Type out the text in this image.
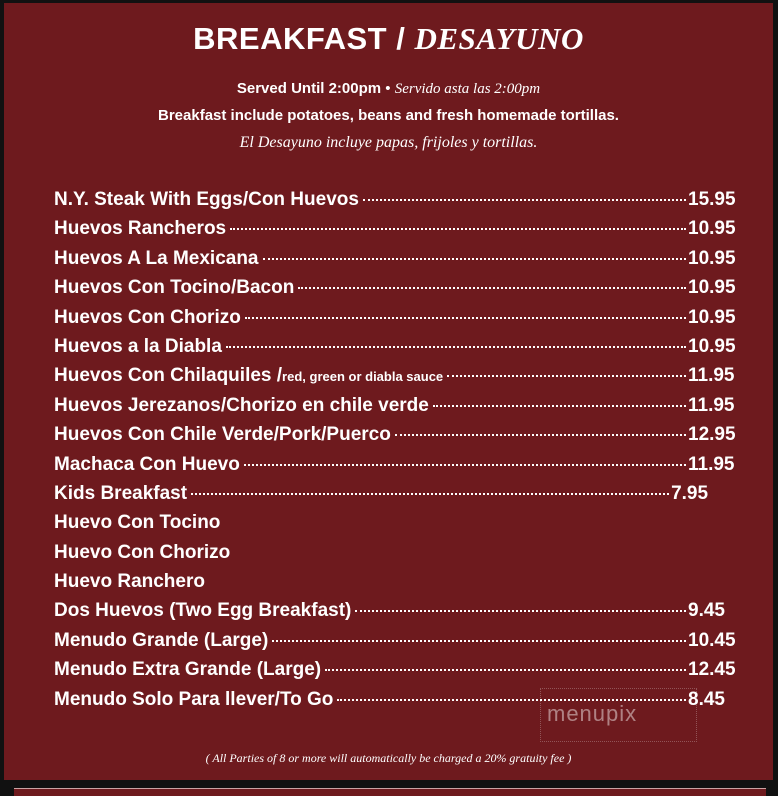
BREAKFAST / DESAYUNO
Served Until 2:00pm • Servido asta las 2:00pm
Breakfast include potatoes, beans and fresh homemade tortillas.
El Desayuno incluye papas, frijoles y tortillas.
N.Y. Steak With Eggs/Con Huevos	15.95
Huevos Rancheros	10.95
Huevos A La Mexicana	10.95
Huevos Con Tocino/Bacon	10.95
Huevos Con Chorizo	10.95
Huevos a la Diabla	10.95
Huevos Con Chilaquiles /red, green or diabla sauce	11.95
Huevos Jerezanos/Chorizo en chile verde	11.95
Huevos Con Chile Verde/Pork/Puerco	12.95
Machaca Con Huevo	11.95
Kids Breakfast	7.95
Huevo Con Tocino
Huevo Con Chorizo
Huevo Ranchero
Dos Huevos (Two Egg Breakfast)	9.45
Menudo Grande (Large)	10.45
Menudo Extra Grande (Large)	12.45
Menudo Solo Para llever/To Go	8.45
( All Parties of 8 or more will automatically be charged a 20% gratuity fee )
menupix
